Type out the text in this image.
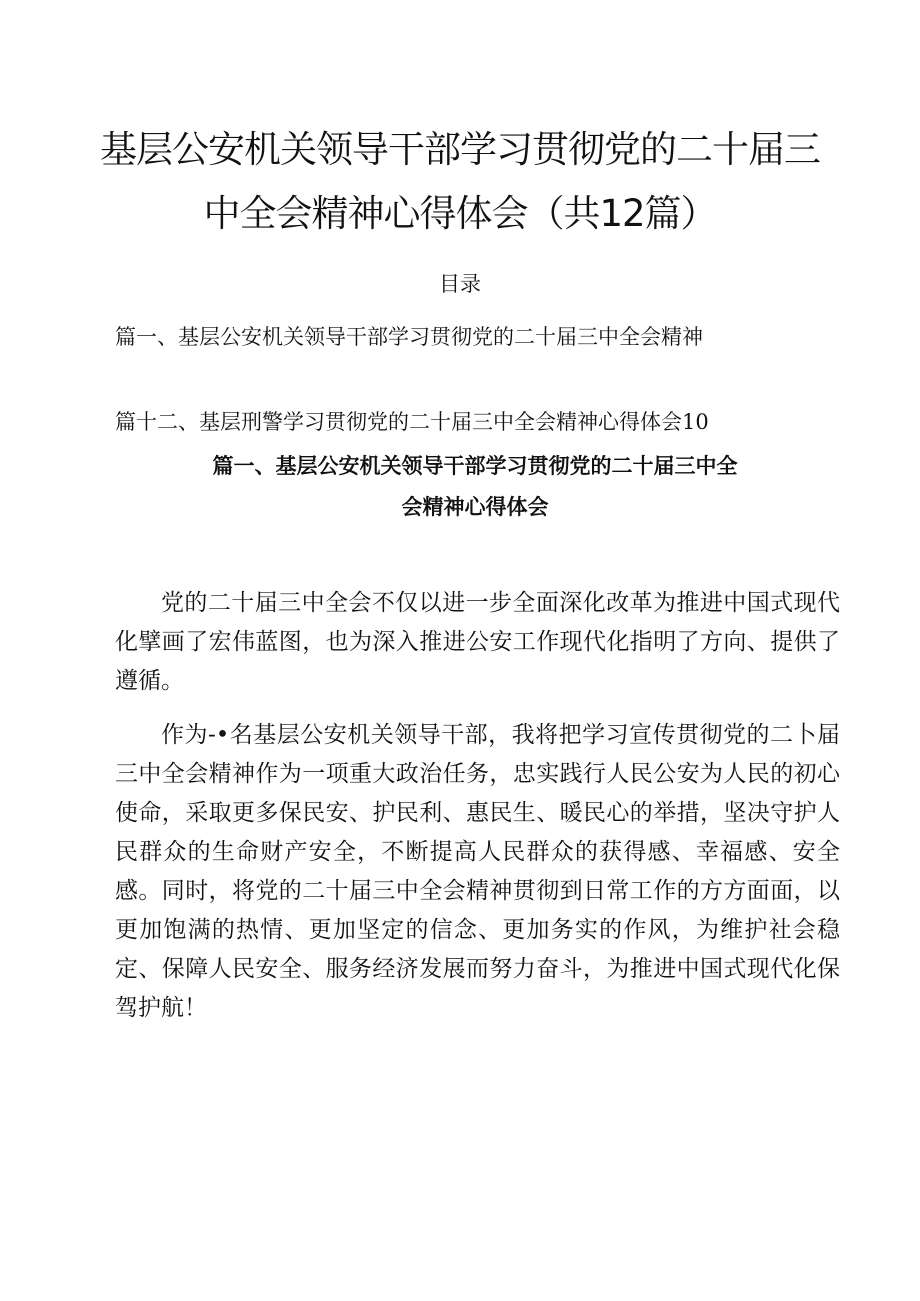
基层公安机关领导干部学习贯彻党的二十届三
中全会精神心得体会（共12篇）
目录
篇一、基层公安机关领导干部学习贯彻党的二十届三中全会精神
篇十二、基层刑警学习贯彻党的二十届三中全会精神心得体会10
篇一、基层公安机关领导干部学习贯彻党的二十届三中全
会精神心得体会

党的二十届三中全会不仅以进一步全面深化改革为推进中国式现代化擘画了宏伟蓝图，也为深入推进公安工作现代化指明了方向、提供了遵循。

作为-•名基层公安机关领导干部，我将把学习宣传贯彻党的二卜届三中全会精神作为一项重大政治任务，忠实践行人民公安为人民的初心使命，采取更多保民安、护民利、惠民生、暖民心的举措，坚决守护人民群众的生命财产安全，不断提高人民群众的获得感、幸福感、安全感。同时，将党的二十届三中全会精神贯彻到日常工作的方方面面，以更加饱满的热情、更加坚定的信念、更加务实的作风，为维护社会稳定、保障人民安全、服务经济发展而努力奋斗，为推进中国式现代化保驾护航！
